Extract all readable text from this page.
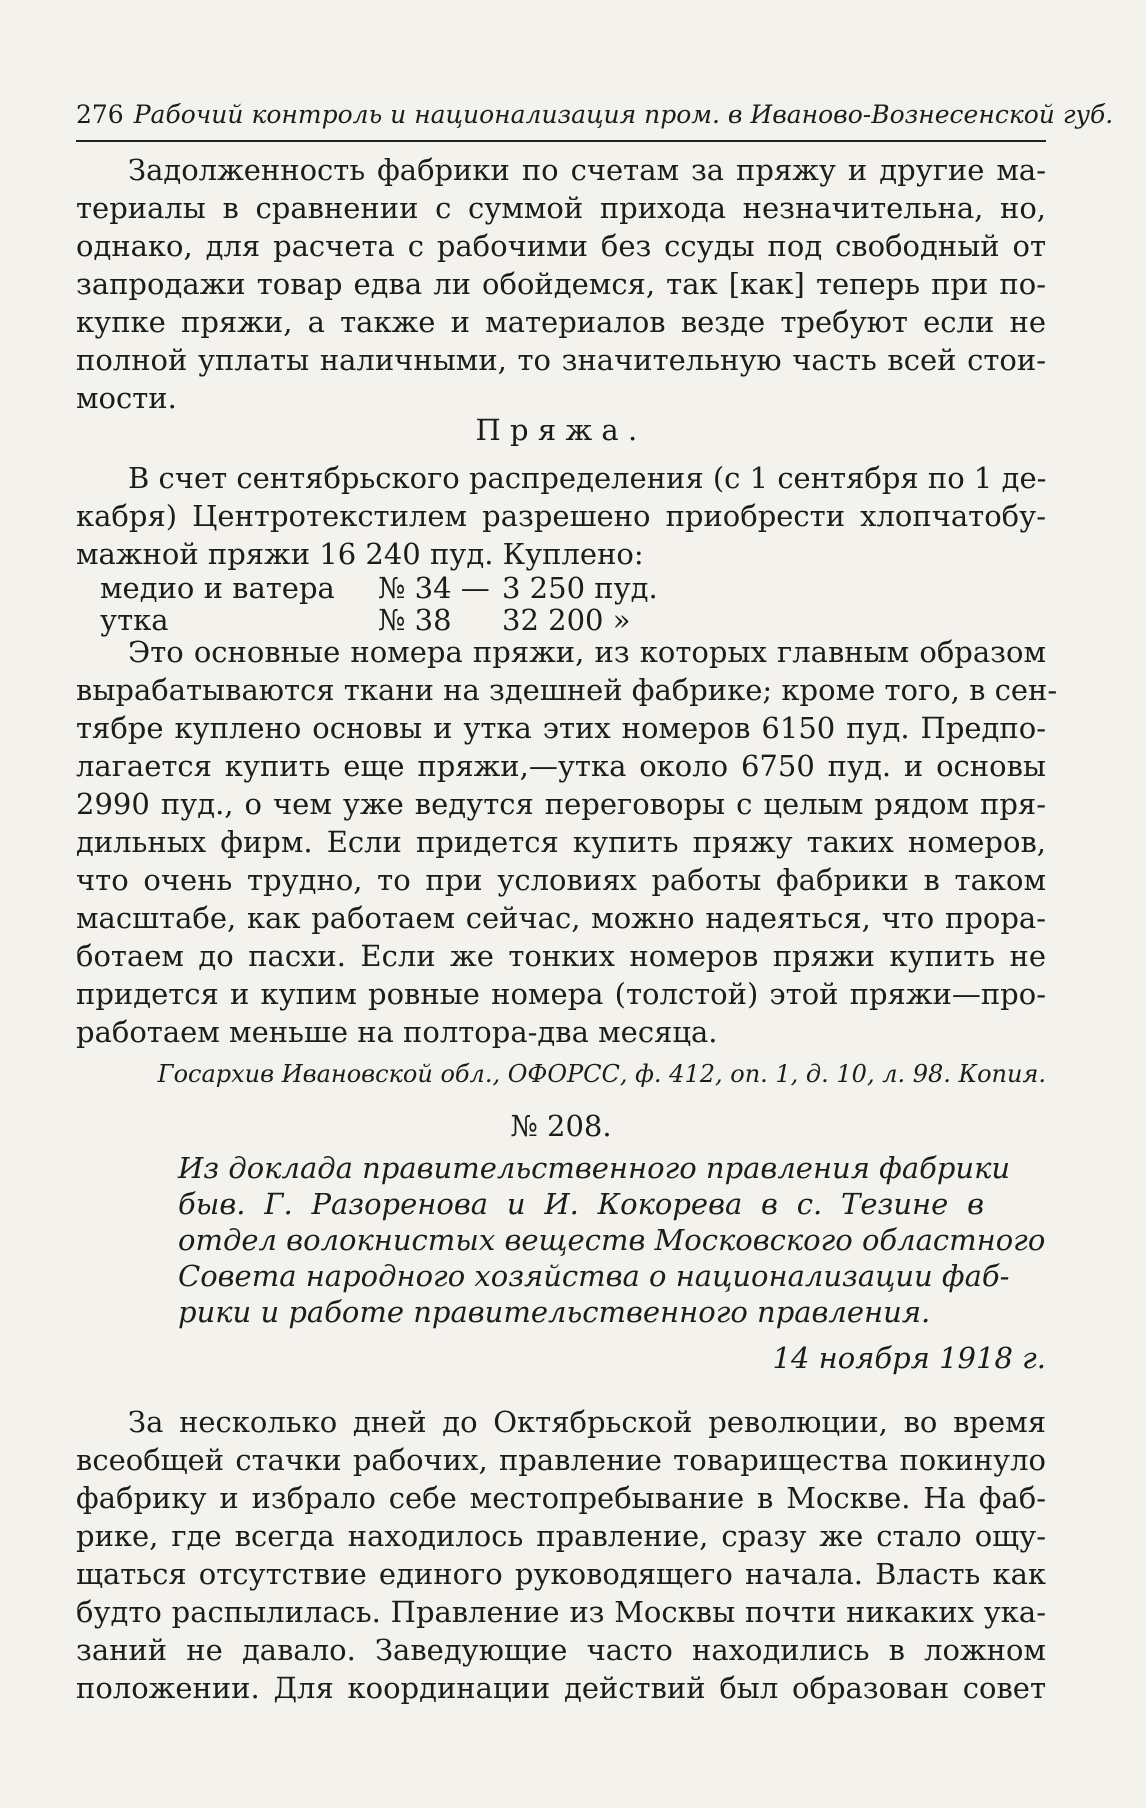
276 Рабочий контроль и национализация пром. в Иваново-Вознесенской губ.
Задолженность фабрики по счетам за пряжу и другие ма-
териалы в сравнении с суммой прихода незначительна, но,
однако, для расчета с рабочими без ссуды под свободный от
запродажи товар едва ли обойдемся, так [как] теперь при по-
купке пряжи, а также и материалов везде требуют если не
полной уплаты наличными, то значительную часть всей стои-
мости.
Пряжа.
В счет сентябрьского распределения (с 1 сентября по 1 де-
кабря) Центротекстилем разрешено приобрести хлопчатобу-
мажной пряжи 16 240 пуд. Куплено:
медио и ватера № 34 — 3 250 пуд.
утка	№ 38 32 200 »
Это основные номера пряжи, из которых главным образом
вырабатываются ткани на здешней фабрике; кроме того, в сен-
тябре куплено основы и утка этих номеров 6150 пуд. Предпо-
лагается купить еще пряжи,—утка около 6750 пуд. и основы
2990 пуд., о чем уже ведутся переговоры с целым рядом пря-
дильных фирм. Если придется купить пряжу таких номеров,
что очень трудно, то при условиях работы фабрики в таком
масштабе, как работаем сейчас, можно надеяться, что прора-
ботаем до пасхи. Если же тонких номеров пряжи купить не
придется и купим ровные номера (толстой) этой пряжи—про-
работаем меньше на полтора-два месяца.
Госархив Ивановской обл., ОФОРСС, ф. 412, оп. 1, д. 10, л. 98. Копия.
№ 208.
Из доклада правительственного правления фабрики
быв. Г. Разоренова и И. Кокорева в с. Тезине в
отдел волокнистых веществ Московского областного
Совета народного хозяйства о национализации фаб-
рики и работе правительственного правления.
14 ноября 1918 г.
За несколько дней до Октябрьской революции, во время
всеобщей стачки рабочих, правление товарищества покинуло
фабрику и избрало себе местопребывание в Москве. На фаб-
рике, где всегда находилось правление, сразу же стало ощу-
щаться отсутствие единого руководящего начала. Власть как
будто распылилась. Правление из Москвы почти никаких ука-
заний не давало. Заведующие часто находились в ложном
положении. Для координации действий был образован совет
